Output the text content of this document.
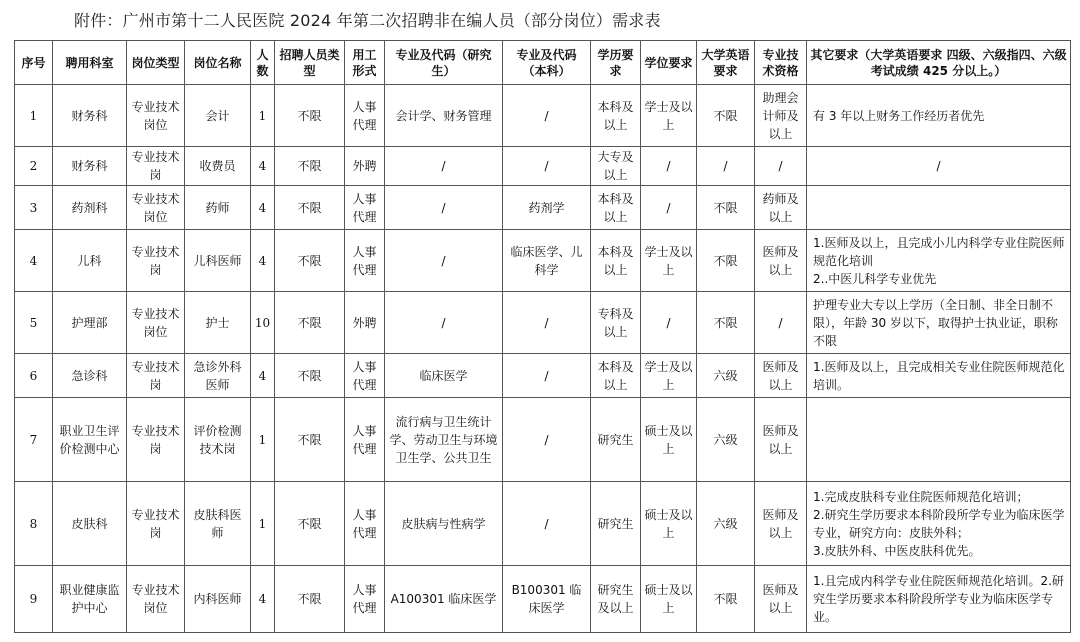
附件：广州市第十二人民医院 2024 年第二次招聘非在编人员（部分岗位）需求表
序号	聘用科室	岗位类型	岗位名称	人数	招聘人员类型	用工形式	专业及代码（研究生）	专业及代码（本科）	学历要求	学位要求	大学英语要求	专业技术资格	其它要求（大学英语要求 四级、六级指四、六级考试成绩 425 分以上。）
1	财务科	专业技术岗位	会计	1	不限	人事代理	会计学、财务管理	/	本科及以上	学士及以上	不限	助理会计师及以上	有 3 年以上财务工作经历者优先
2	财务科	专业技术岗	收费员	4	不限	外聘	/	/	大专及以上	/	/	/	/
3	药剂科	专业技术岗位	药师	4	不限	人事代理	/	药剂学	本科及以上	/	不限	药师及以上	
4	儿科	专业技术岗	儿科医师	4	不限	人事代理	/	临床医学、儿科学	本科及以上	学士及以上	不限	医师及以上	1.医师及以上，且完成小儿内科学专业住院医师规范化培训
2..中医儿科学专业优先
5	护理部	专业技术岗位	护士	10	不限	外聘	/	/	专科及以上	/	不限	/	护理专业大专以上学历（全日制、非全日制不限），年龄 30 岁以下，取得护士执业证，职称不限
6	急诊科	专业技术岗	急诊外科医师	4	不限	人事代理	临床医学	/	本科及以上	学士及以上	六级	医师及以上	1.医师及以上，且完成相关专业住院医师规范化培训。
7	职业卫生评价检测中心	专业技术岗	评价检测技术岗	1	不限	人事代理	流行病与卫生统计学、劳动卫生与环境卫生学、公共卫生	/	研究生	硕士及以上	六级	医师及以上	
8	皮肤科	专业技术岗	皮肤科医师	1	不限	人事代理	皮肤病与性病学	/	研究生	硕士及以上	六级	医师及以上	1.完成皮肤科专业住院医师规范化培训；
2.研究生学历要求本科阶段所学专业为临床医学专业，研究方向：皮肤外科；
3.皮肤外科、中医皮肤科优先。
9	职业健康监护中心	专业技术岗位	内科医师	4	不限	人事代理	A100301 临床医学	B100301 临床医学	研究生及以上	硕士及以上	不限	医师及以上	1.且完成内科学专业住院医师规范化培训。2.研究生学历要求本科阶段所学专业为临床医学专业。
